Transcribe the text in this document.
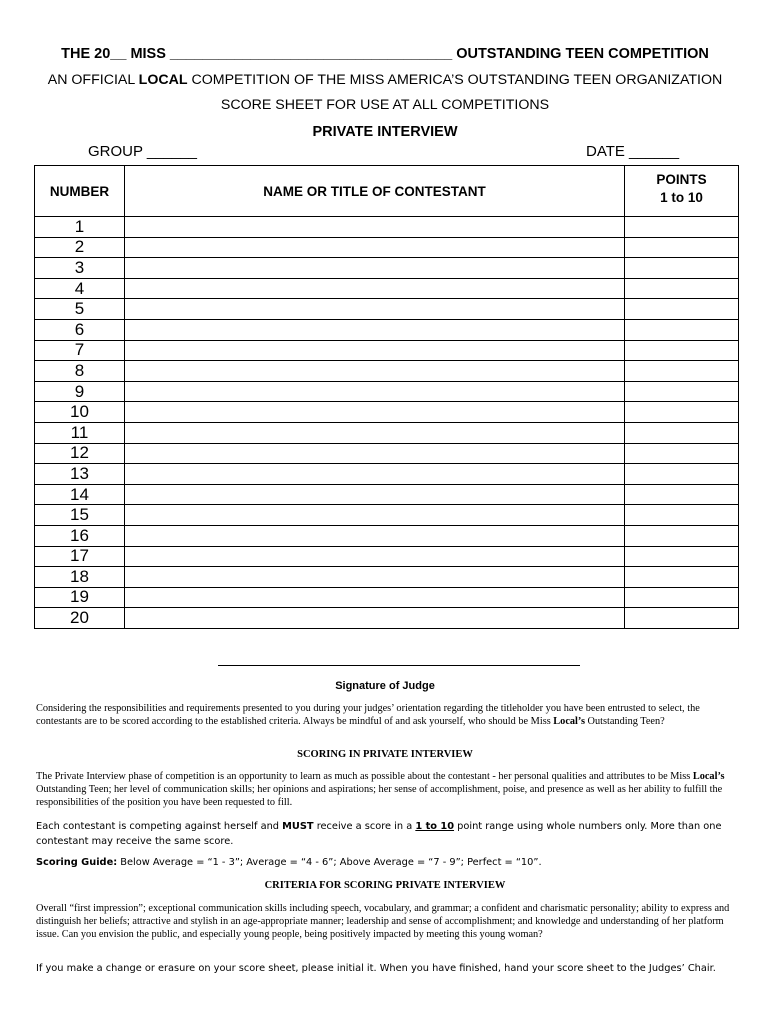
THE 20__ MISS ___________________________________ OUTSTANDING TEEN COMPETITION
AN OFFICIAL LOCAL COMPETITION OF THE MISS AMERICA’S OUTSTANDING TEEN ORGANIZATION
SCORE SHEET FOR USE AT ALL COMPETITIONS
PRIVATE INTERVIEW
GROUP ______	DATE ______
NUMBER	NAME OR TITLE OF CONTESTANT	POINTS
1 to 10

1		
2		
3		
4		
5		
6		
7		
8		
9		
10		
11		
12		
13		
14		
15		
16		
17		
18		
19		
20		
Signature of Judge
Considering the responsibilities and requirements presented to you during your judges’ orientation regarding the titleholder you have been entrusted to select, the contestants are to be scored according to the established criteria. Always be mindful of and ask yourself, who should be Miss Local’s Outstanding Teen?
SCORING IN PRIVATE INTERVIEW
The Private Interview phase of competition is an opportunity to learn as much as possible about the contestant - her personal qualities and attributes to be Miss Local’s Outstanding Teen; her level of communication skills; her opinions and aspirations; her sense of accomplishment, poise, and presence as well as her ability to fulfill the responsibilities of the position you have been requested to fill.
Each contestant is competing against herself and MUST receive a score in a 1 to 10 point range using whole numbers only. More than one contestant may receive the same score.
Scoring Guide: Below Average = “1 - 3”; Average = “4 - 6”; Above Average = “7 - 9”; Perfect = “10”.
CRITERIA FOR SCORING PRIVATE INTERVIEW
Overall “first impression”; exceptional communication skills including speech, vocabulary, and grammar; a confident and charismatic personality; ability to express and distinguish her beliefs; attractive and stylish in an age-appropriate manner; leadership and sense of accomplishment; and knowledge and understanding of her platform issue. Can you envision the public, and especially young people, being positively impacted by meeting this young woman?
If you make a change or erasure on your score sheet, please initial it. When you have finished, hand your score sheet to the Judges’ Chair.
